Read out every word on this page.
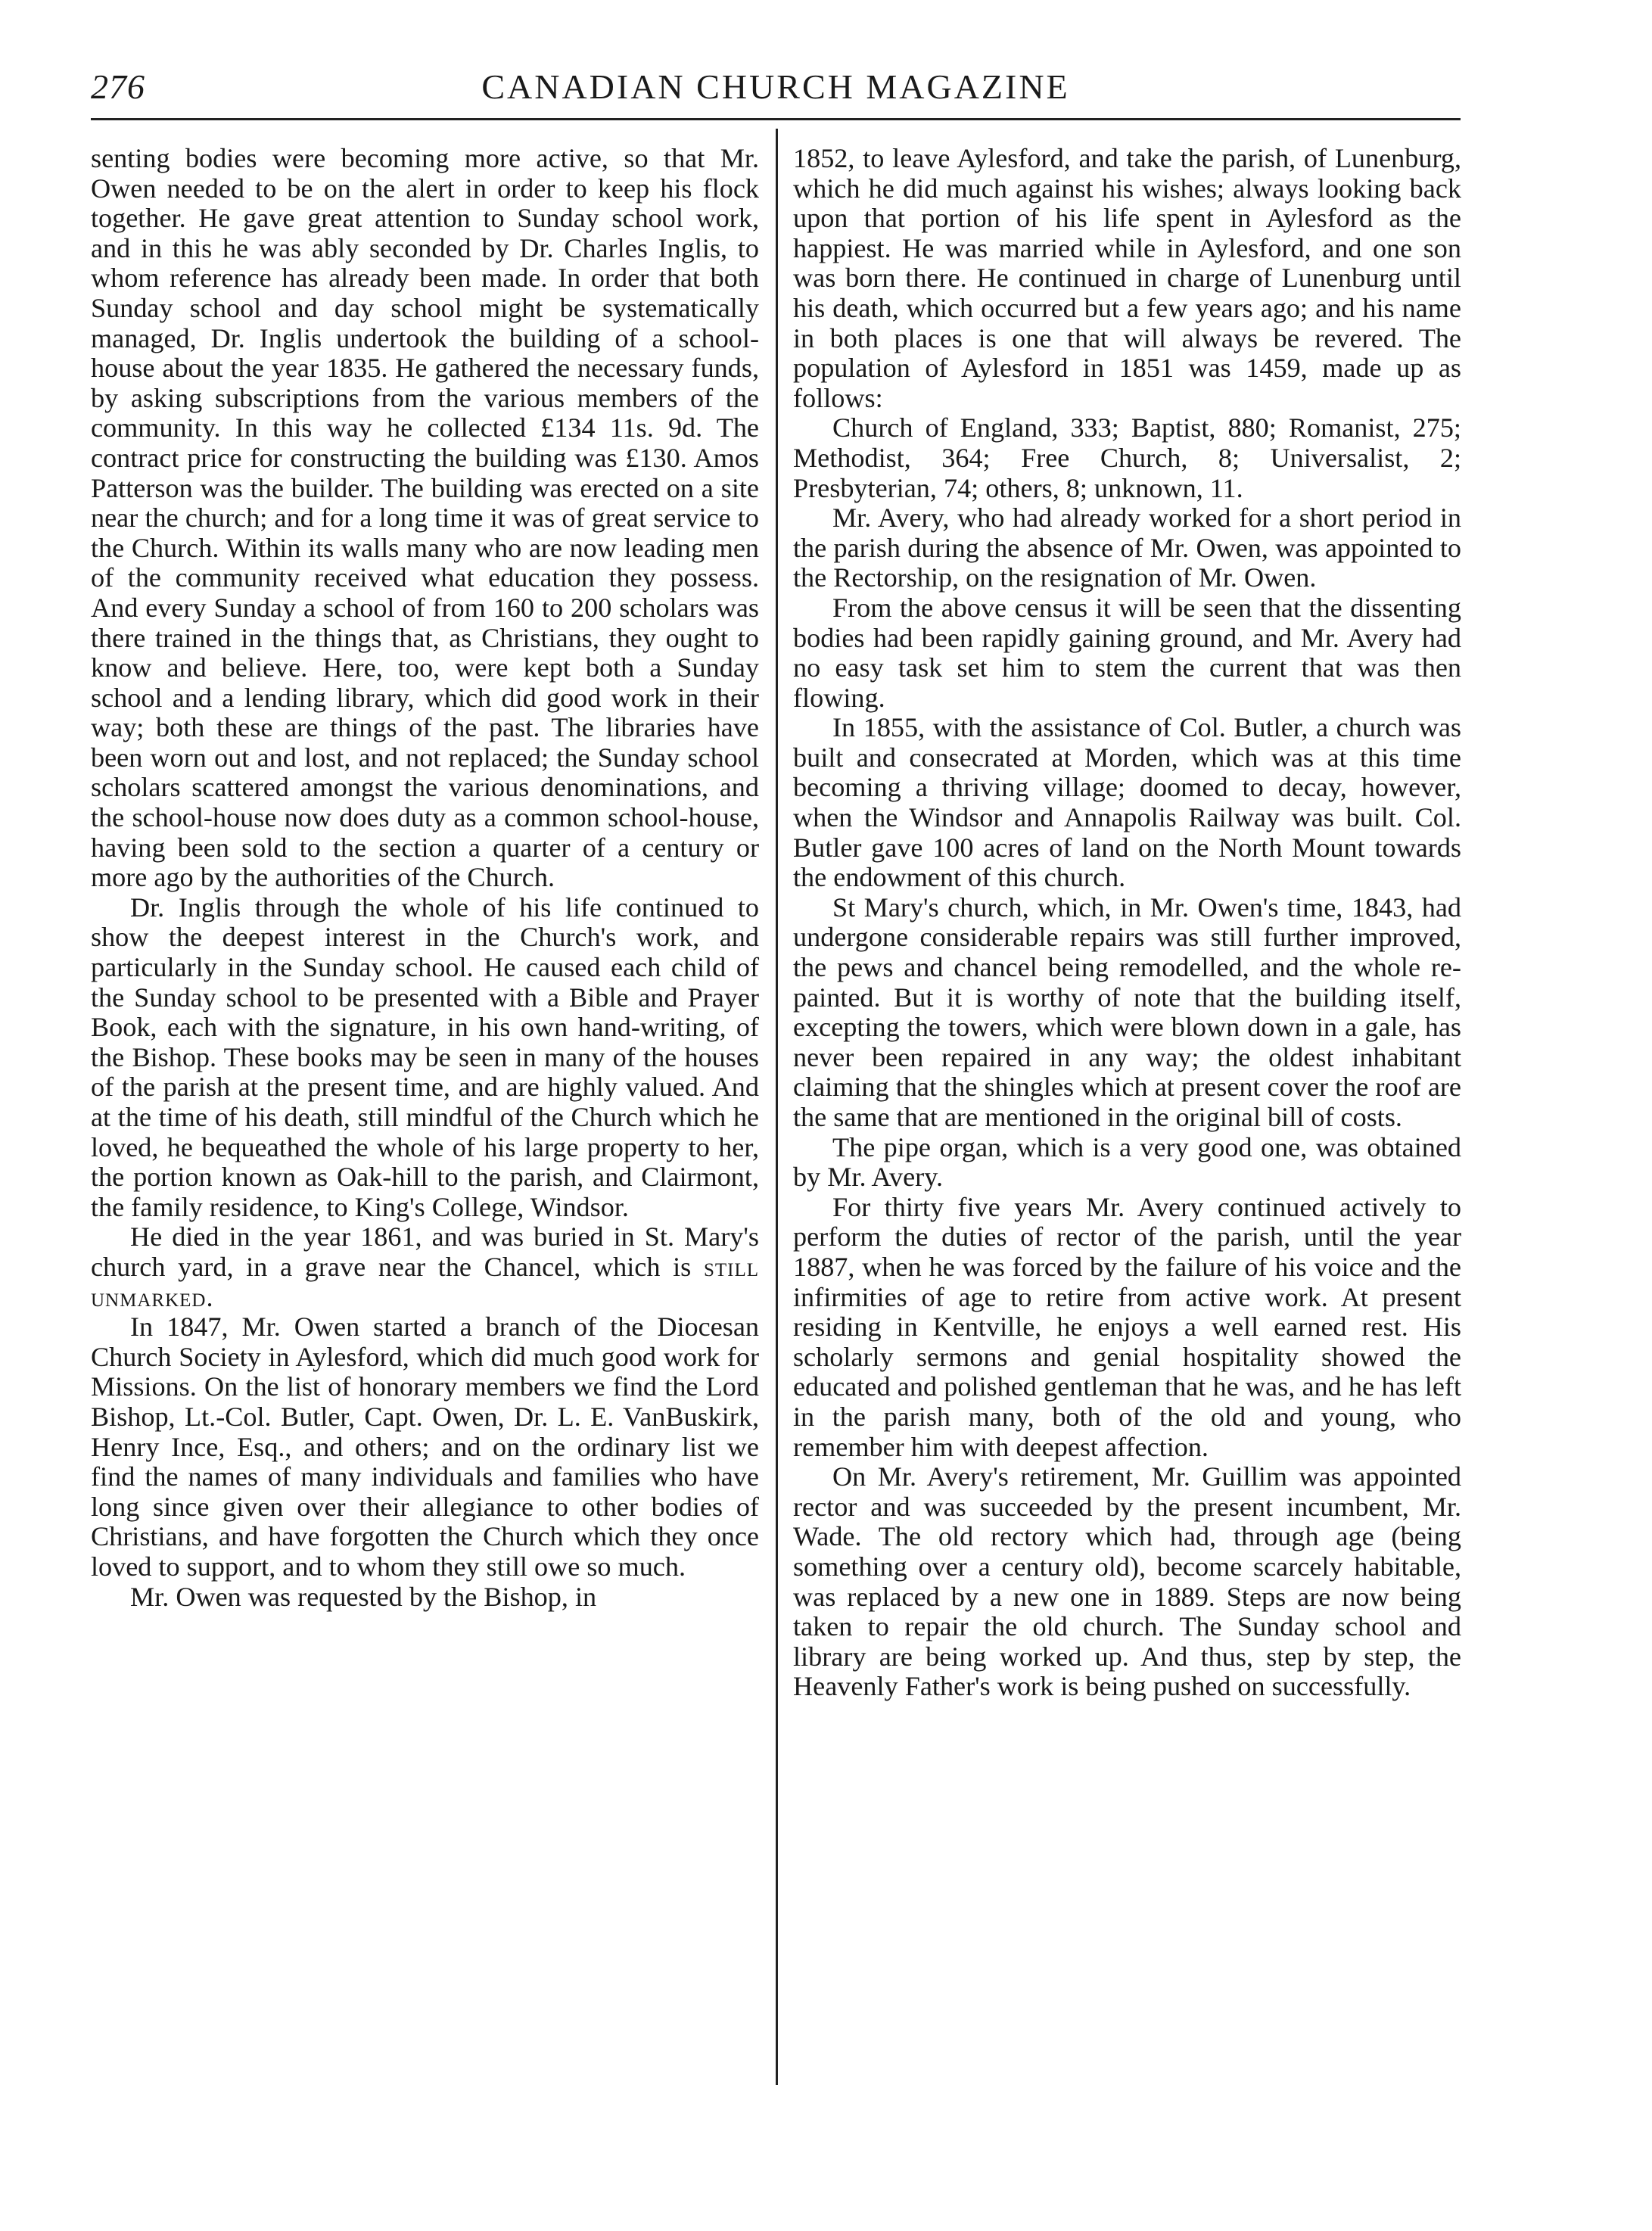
276	CANADIAN CHURCH MAGAZINE

senting bodies were becoming more active, so that Mr. Owen needed to be on the alert in order to keep his flock together. He gave great attention to Sunday school work, and in this he was ably seconded by Dr. Charles Inglis, to whom reference has already been made. In order that both Sunday school and day school might be systematically managed, Dr. Inglis undertook the building of a school-house about the year 1835. He gathered the necessary funds, by asking subscriptions from the various members of the community. In this way he collected £134 11s. 9d. The contract price for constructing the building was £130. Amos Patterson was the builder. The building was erected on a site near the church; and for a long time it was of great service to the Church. Within its walls many who are now leading men of the community received what education they possess. And every Sunday a school of from 160 to 200 scholars was there trained in the things that, as Christians, they ought to know and believe. Here, too, were kept both a Sunday school and a lending library, which did good work in their way; both these are things of the past. The libraries have been worn out and lost, and not replaced; the Sunday school scholars scattered amongst the various denominations, and the school-house now does duty as a common school-house, having been sold to the section a quarter of a century or more ago by the authorities of the Church.

Dr. Inglis through the whole of his life continued to show the deepest interest in the Church's work, and particularly in the Sunday school. He caused each child of the Sunday school to be presented with a Bible and Prayer Book, each with the signature, in his own hand-writing, of the Bishop. These books may be seen in many of the houses of the parish at the present time, and are highly valued. And at the time of his death, still mindful of the Church which he loved, he bequeathed the whole of his large property to her, the portion known as Oak-hill to the parish, and Clairmont, the family residence, to King's College, Windsor.

He died in the year 1861, and was buried in St. Mary's church yard, in a grave near the Chancel, which is still unmarked.

In 1847, Mr. Owen started a branch of the Diocesan Church Society in Aylesford, which did much good work for Missions. On the list of honorary members we find the Lord Bishop, Lt.-Col. Butler, Capt. Owen, Dr. L. E. VanBuskirk, Henry Ince, Esq., and others; and on the ordinary list we find the names of many individuals and families who have long since given over their allegiance to other bodies of Christians, and have forgotten the Church which they once loved to support, and to whom they still owe so much.

Mr. Owen was requested by the Bishop, in

1852, to leave Aylesford, and take the parish, of Lunenburg, which he did much against his wishes; always looking back upon that portion of his life spent in Aylesford as the happiest. He was married while in Aylesford, and one son was born there. He continued in charge of Lunenburg until his death, which occurred but a few years ago; and his name in both places is one that will always be revered. The population of Aylesford in 1851 was 1459, made up as follows:

Church of England, 333; Baptist, 880; Romanist, 275; Methodist, 364; Free Church, 8; Universalist, 2; Presbyterian, 74; others, 8; unknown, 11.

Mr. Avery, who had already worked for a short period in the parish during the absence of Mr. Owen, was appointed to the Rectorship, on the resignation of Mr. Owen.

From the above census it will be seen that the dissenting bodies had been rapidly gaining ground, and Mr. Avery had no easy task set him to stem the current that was then flowing.

In 1855, with the assistance of Col. Butler, a church was built and consecrated at Morden, which was at this time becoming a thriving village; doomed to decay, however, when the Windsor and Annapolis Railway was built. Col. Butler gave 100 acres of land on the North Mount towards the endowment of this church.

St Mary's church, which, in Mr. Owen's time, 1843, had undergone considerable repairs was still further improved, the pews and chancel being remodelled, and the whole re-painted. But it is worthy of note that the building itself, excepting the towers, which were blown down in a gale, has never been repaired in any way; the oldest inhabitant claiming that the shingles which at present cover the roof are the same that are mentioned in the original bill of costs.

The pipe organ, which is a very good one, was obtained by Mr. Avery.

For thirty five years Mr. Avery continued actively to perform the duties of rector of the parish, until the year 1887, when he was forced by the failure of his voice and the infirmities of age to retire from active work. At present residing in Kentville, he enjoys a well earned rest. His scholarly sermons and genial hospitality showed the educated and polished gentleman that he was, and he has left in the parish many, both of the old and young, who remember him with deepest affection.

On Mr. Avery's retirement, Mr. Guillim was appointed rector and was succeeded by the present incumbent, Mr. Wade. The old rectory which had, through age (being something over a century old), become scarcely habitable, was replaced by a new one in 1889. Steps are now being taken to repair the old church. The Sunday school and library are being worked up. And thus, step by step, the Heavenly Father's work is being pushed on successfully.
